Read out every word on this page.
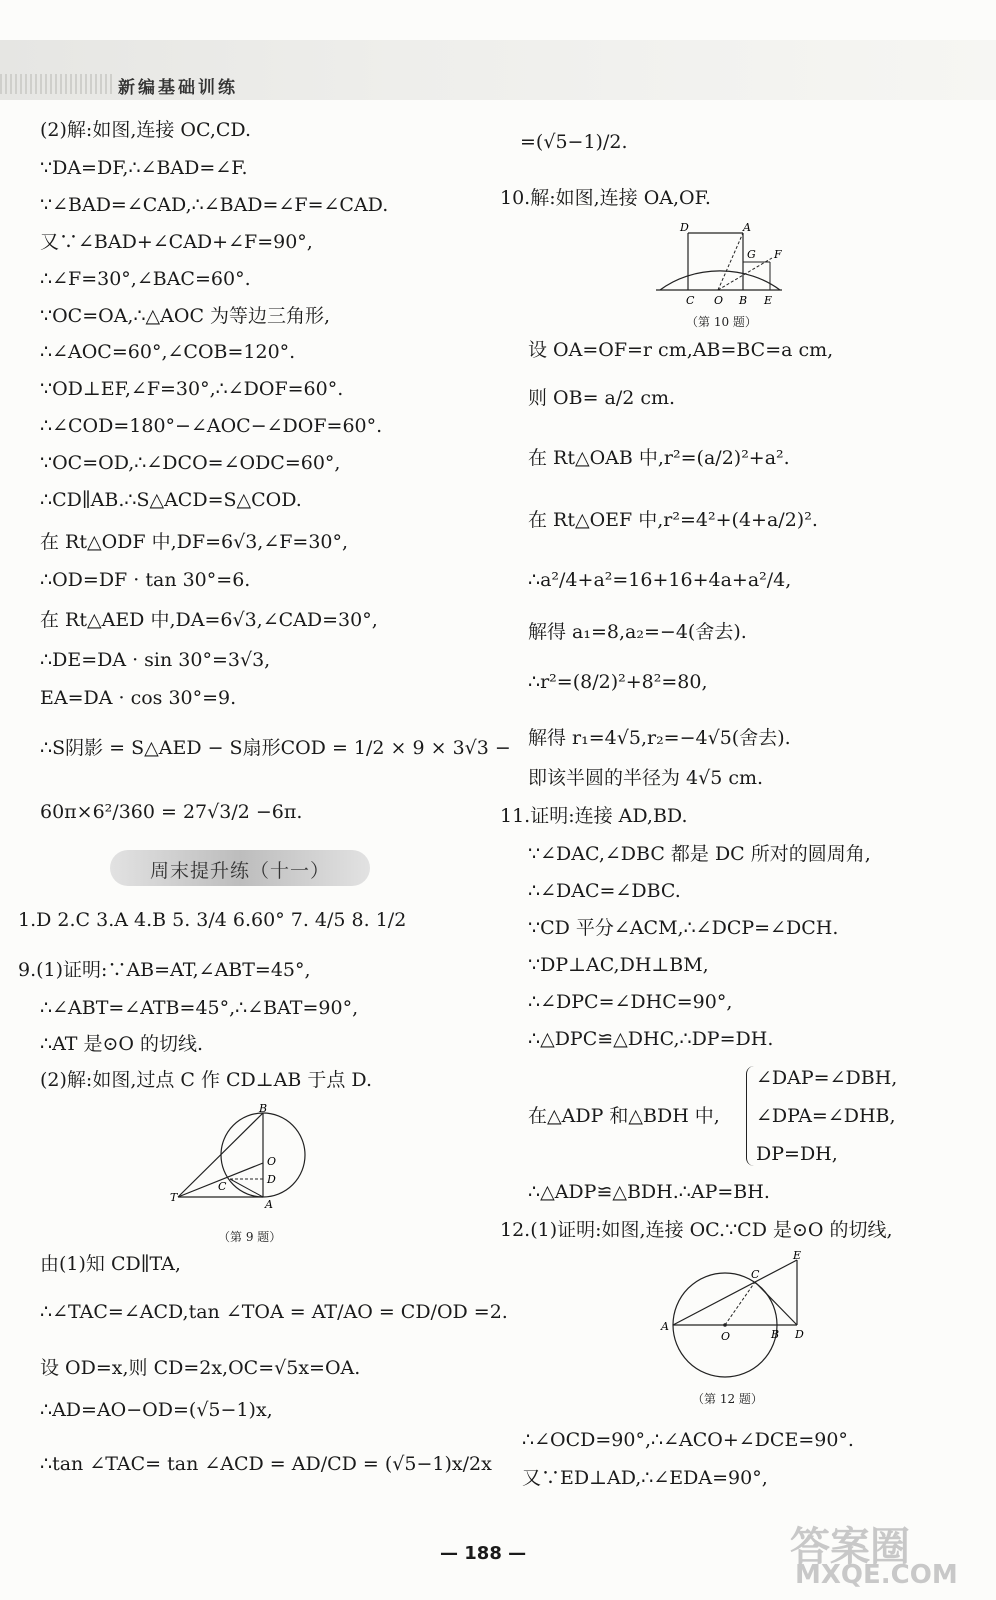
新编基础训练
(2)解:如图,连接 OC,CD.
∵DA=DF,∴∠BAD=∠F.
∵∠BAD=∠CAD,∴∠BAD=∠F=∠CAD.
又∵∠BAD+∠CAD+∠F=90°,
∴∠F=30°,∠BAC=60°.
∵OC=OA,∴△AOC 为等边三角形,
∴∠AOC=60°,∠COB=120°.
∵OD⊥EF,∠F=30°,∴∠DOF=60°.
∴∠COD=180°−∠AOC−∠DOF=60°.
∵OC=OD,∴∠DCO=∠ODC=60°,
∴CD∥AB.∴S△ACD=S△COD.
在 Rt△ODF 中,DF=6√3,∠F=30°,
∴OD=DF · tan 30°=6.
在 Rt△AED 中,DA=6√3,∠CAD=30°,
∴DE=DA · sin 30°=3√3,
EA=DA · cos 30°=9.
∴S阴影 = S△AED − S扇形COD = 1/2 × 9 × 3√3 −
60π×6²/360 = 27√3/2 −6π.
周末提升练（十一）
1.D 2.C 3.A 4.B 5. 3/4 6.60° 7. 4/5 8. 1/2
9.(1)证明:∵AB=AT,∠ABT=45°,
∴∠ABT=∠ATB=45°,∴∠BAT=90°,
∴AT 是⊙O 的切线.
(2)解:如图,过点 C 作 CD⊥AB 于点 D.
B
O
D
C
T
A
（第 9 题）
由(1)知 CD∥TA,
∴∠TAC=∠ACD,tan ∠TOA = AT/AO = CD/OD =2.
设 OD=x,则 CD=2x,OC=√5x=OA.
∴AD=AO−OD=(√5−1)x,
∴tan ∠TAC= tan ∠ACD = AD/CD = (√5−1)x/2x
=(√5−1)/2.
10.解:如图,连接 OA,OF.
D	A
G F
C O B E
（第 10 题）
设 OA=OF=r cm,AB=BC=a cm,
则 OB= a/2 cm.
在 Rt△OAB 中,r²=(a/2)²+a².
在 Rt△OEF 中,r²=4²+(4+a/2)².
∴a²/4+a²=16+16+4a+a²/4,
解得 a₁=8,a₂=−4(舍去).
∴r²=(8/2)²+8²=80,
解得 r₁=4√5,r₂=−4√5(舍去).
即该半圆的半径为 4√5 cm.
11.证明:连接 AD,BD.
∵∠DAC,∠DBC 都是 DC 所对的圆周角,
∴∠DAC=∠DBC.
∵CD 平分∠ACM,∴∠DCP=∠DCH.
∵DP⊥AC,DH⊥BM,
∴∠DPC=∠DHC=90°,
∴△DPC≌△DHC,∴DP=DH.
在△ADP 和△BDH 中,
∠DAP=∠DBH,
∠DPA=∠DHB,
DP=DH,
∴△ADP≌△BDH.∴AP=BH.
12.(1)证明:如图,连接 OC.∵CD 是⊙O 的切线,
E
C
A
O	B D
（第 12 题）
∴∠OCD=90°,∴∠ACO+∠DCE=90°.
又∵ED⊥AD,∴∠EDA=90°,
— 188 —	答案圈
MXQE.COM
